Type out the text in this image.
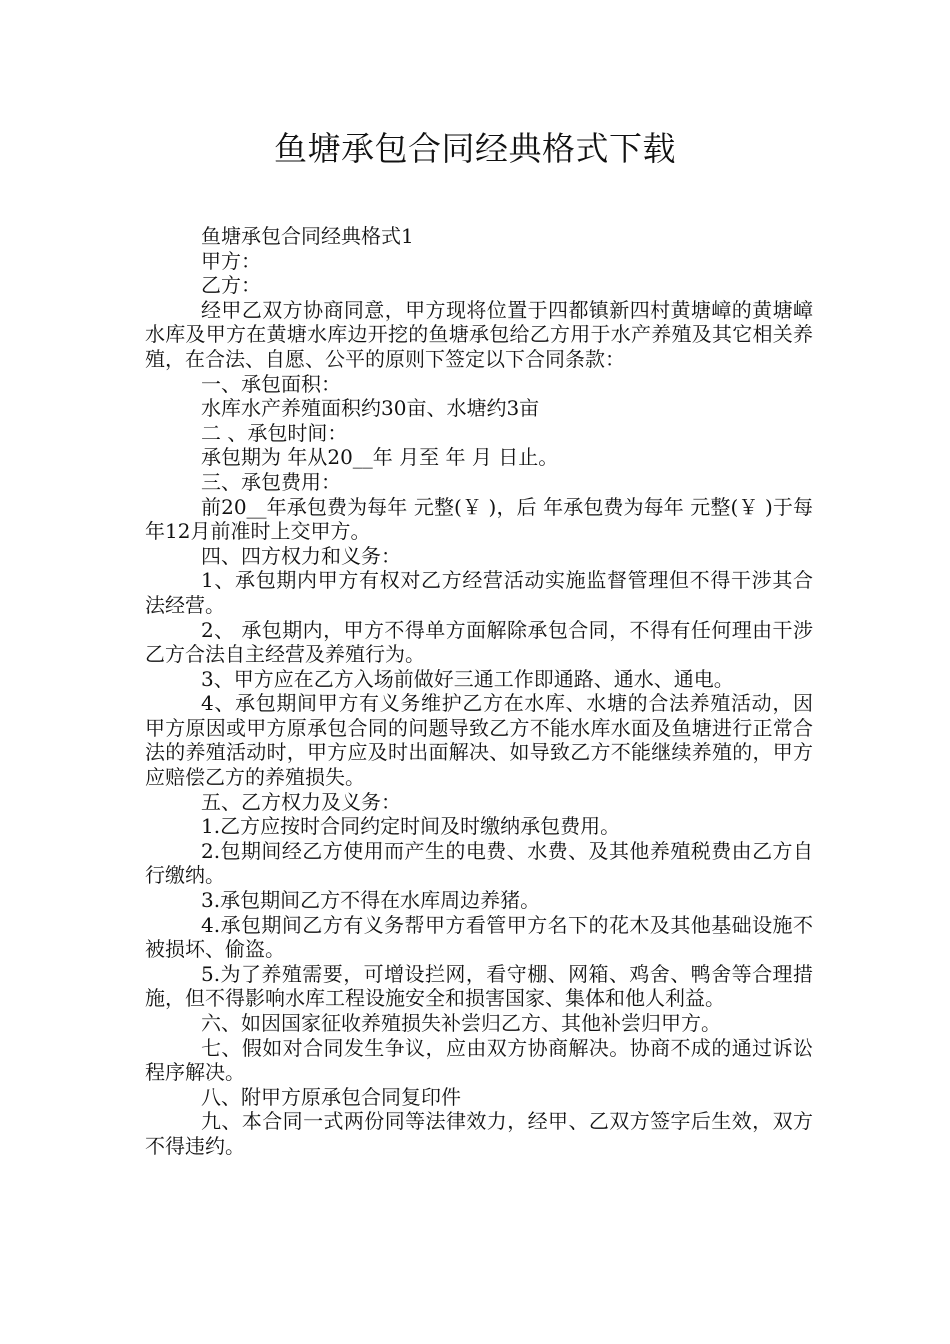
鱼塘承包合同经典格式下载

鱼塘承包合同经典格式1

甲方：

乙方：

经甲乙双方协商同意，甲方现将位置于四都镇新四村黄塘嶂的黄塘嶂水库及甲方在黄塘水库边开挖的鱼塘承包给乙方用于水产养殖及其它相关养殖，在合法、自愿、公平的原则下签定以下合同条款：

一、承包面积：

水库水产养殖面积约30亩、水塘约3亩

二 、承包时间：

承包期为 年从20__年 月至 年 月 日止。

三、承包费用：

前20__年承包费为每年 元整(￥ )，后 年承包费为每年 元整(￥ )于每年12月前准时上交甲方。

四、四方权力和义务：

1、承包期内甲方有权对乙方经营活动实施监督管理但不得干涉其合法经营。

2、 承包期内，甲方不得单方面解除承包合同，不得有任何理由干涉乙方合法自主经营及养殖行为。

3、甲方应在乙方入场前做好三通工作即通路、通水、通电。

4、承包期间甲方有义务维护乙方在水库、水塘的合法养殖活动，因甲方原因或甲方原承包合同的问题导致乙方不能水库水面及鱼塘进行正常合法的养殖活动时，甲方应及时出面解决、如导致乙方不能继续养殖的，甲方应赔偿乙方的养殖损失。

五、乙方权力及义务：

1.乙方应按时合同约定时间及时缴纳承包费用。

2.包期间经乙方使用而产生的电费、水费、及其他养殖税费由乙方自行缴纳。

3.承包期间乙方不得在水库周边养猪。

4.承包期间乙方有义务帮甲方看管甲方名下的花木及其他基础设施不被损坏、偷盗。

5.为了养殖需要，可增设拦网，看守棚、网箱、鸡舍、鸭舍等合理措施，但不得影响水库工程设施安全和损害国家、集体和他人利益。

六、如因国家征收养殖损失补尝归乙方、其他补尝归甲方。

七、假如对合同发生争议，应由双方协商解决。协商不成的通过诉讼程序解决。

八、附甲方原承包合同复印件

九、本合同一式两份同等法律效力，经甲、乙双方签字后生效，双方不得违约。
